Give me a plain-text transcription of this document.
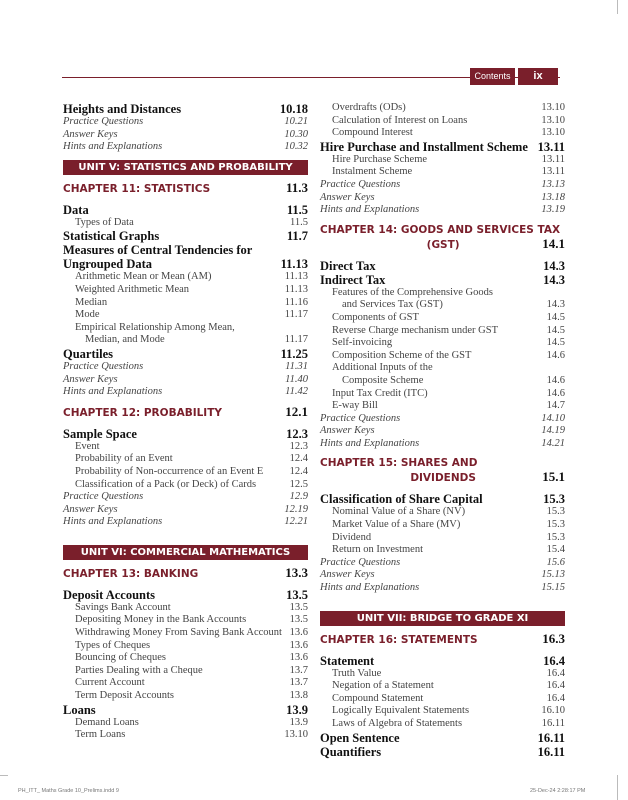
Contents	ix
Heights and Distances	10.18
Practice Questions	10.21
Answer Keys	10.30
Hints and Explanations	10.32
UNIT V: STATISTICS AND PROBABILITY
CHAPTER 11: STATISTICS	11.3
Data	11.5
Types of Data	11.5
Statistical Graphs	11.7
Measures of Central Tendencies for
Ungrouped Data	11.13
Arithmetic Mean or Mean (AM)	11.13
Weighted Arithmetic Mean	11.13
Median	11.16
Mode	11.17
Empirical Relationship Among Mean,
Median, and Mode	11.17
Quartiles	11.25
Practice Questions	11.31
Answer Keys	11.40
Hints and Explanations	11.42
CHAPTER 12: PROBABILITY	12.1
Sample Space	12.3
Event	12.3
Probability of an Event	12.4
Probability of Non-occurrence of an Event E	12.4
Classification of a Pack (or Deck) of Cards	12.5
Practice Questions	12.9
Answer Keys	12.19
Hints and Explanations	12.21
UNIT VI: COMMERCIAL MATHEMATICS
CHAPTER 13: BANKING	13.3
Deposit Accounts	13.5
Savings Bank Account	13.5
Depositing Money in the Bank Accounts	13.5
Withdrawing Money From Saving Bank Account 13.6
Types of Cheques	13.6
Bouncing of Cheques	13.6
Parties Dealing with a Cheque	13.7
Current Account	13.7
Term Deposit Accounts	13.8
Loans	13.9
Demand Loans	13.9
Term Loans	13.10
Overdrafts (ODs)	13.10
Calculation of Interest on Loans	13.10
Compound Interest	13.10
Hire Purchase and Installment Scheme 13.11
Hire Purchase Scheme	13.11
Instalment Scheme	13.11
Practice Questions	13.13
Answer Keys	13.18
Hints and Explanations	13.19
CHAPTER 14: GOODS AND SERVICES TAX
(GST)	14.1
Direct Tax	14.3
Indirect Tax	14.3
Features of the Comprehensive Goods
and Services Tax (GST)	14.3
Components of GST	14.5
Reverse Charge mechanism under GST	14.5
Self-invoicing	14.5
Composition Scheme of the GST	14.6
Additional Inputs of the
Composite Scheme	14.6
Input Tax Credit (ITC)	14.6
E-way Bill	14.7
Practice Questions	14.10
Answer Keys	14.19
Hints and Explanations	14.21
CHAPTER 15: SHARES AND
DIVIDENDS	15.1
Classification of Share Capital	15.3
Nominal Value of a Share (NV)	15.3
Market Value of a Share (MV)	15.3
Dividend	15.3
Return on Investment	15.4
Practice Questions	15.6
Answer Keys	15.13
Hints and Explanations	15.15
UNIT VII: BRIDGE TO GRADE XI
CHAPTER 16: STATEMENTS	16.3
Statement	16.4
Truth Value	16.4
Negation of a Statement	16.4
Compound Statement	16.4
Logically Equivalent Statements	16.10
Laws of Algebra of Statements	16.11
Open Sentence	16.11
Quantifiers	16.11
PH_ITT_ Maths Grade 10_Prelims.indd 9	25-Dec-24 2:28:17 PM
